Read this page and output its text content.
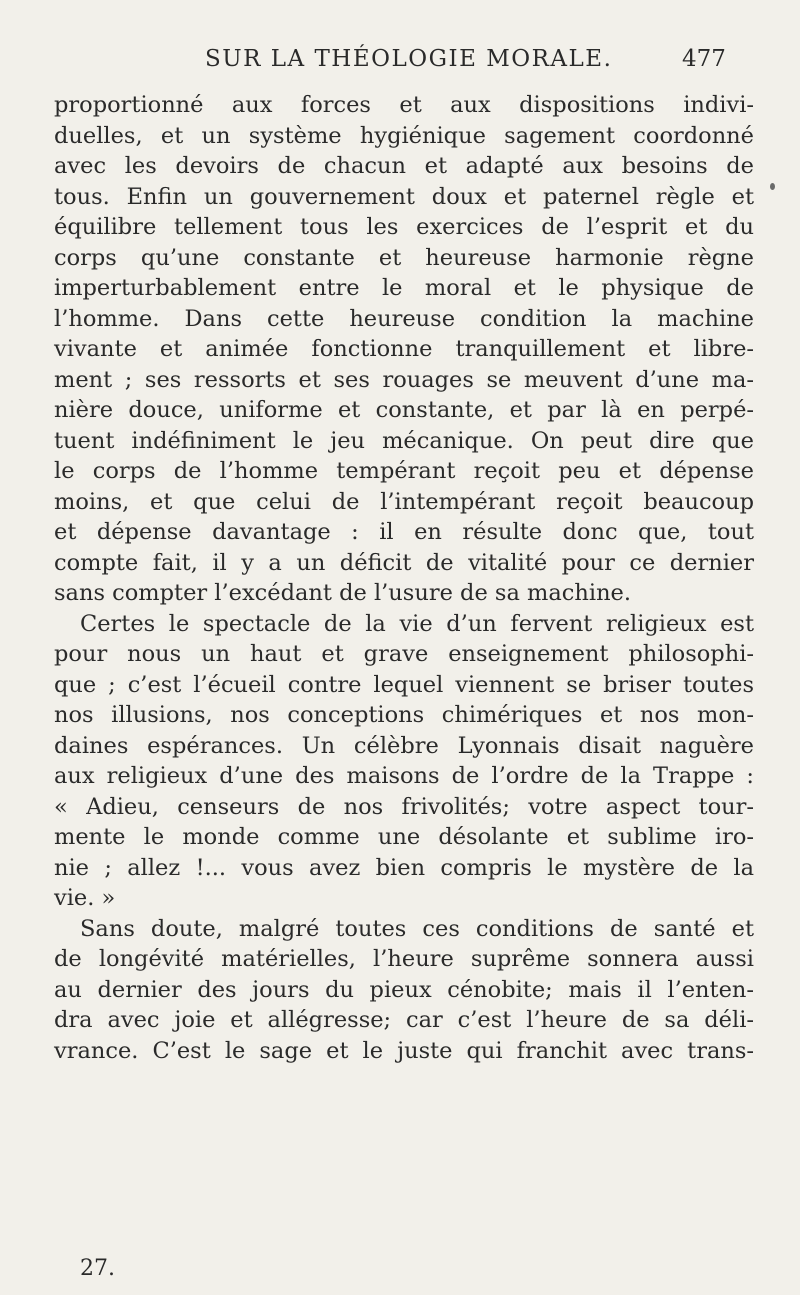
SUR LA THÉOLOGIE MORALE.	477
proportionné aux forces et aux dispositions indivi-
duelles, et un système hygiénique sagement coordonné
avec les devoirs de chacun et adapté aux besoins de
tous. Enfin un gouvernement doux et paternel règle et
équilibre tellement tous les exercices de l’esprit et du
corps qu’une constante et heureuse harmonie règne
imperturbablement entre le moral et le physique de
l’homme. Dans cette heureuse condition la machine
vivante et animée fonctionne tranquillement et libre-
ment ; ses ressorts et ses rouages se meuvent d’une ma-
nière douce, uniforme et constante, et par là en perpé-
tuent indéfiniment le jeu mécanique. On peut dire que
le corps de l’homme tempérant reçoit peu et dépense
moins, et que celui de l’intempérant reçoit beaucoup
et dépense davantage : il en résulte donc que, tout
compte fait, il y a un déficit de vitalité pour ce dernier
sans compter l’excédant de l’usure de sa machine.
Certes le spectacle de la vie d’un fervent religieux est
pour nous un haut et grave enseignement philosophi-
que ; c’est l’écueil contre lequel viennent se briser toutes
nos illusions, nos conceptions chimériques et nos mon-
daines espérances. Un célèbre Lyonnais disait naguère
aux religieux d’une des maisons de l’ordre de la Trappe :
« Adieu, censeurs de nos frivolités; votre aspect tour-
mente le monde comme une désolante et sublime iro-
nie ; allez !... vous avez bien compris le mystère de la
vie. »
Sans doute, malgré toutes ces conditions de santé et
de longévité matérielles, l’heure suprême sonnera aussi
au dernier des jours du pieux cénobite; mais il l’enten-
dra avec joie et allégresse; car c’est l’heure de sa déli-
vrance. C’est le sage et le juste qui franchit avec trans-
27.
